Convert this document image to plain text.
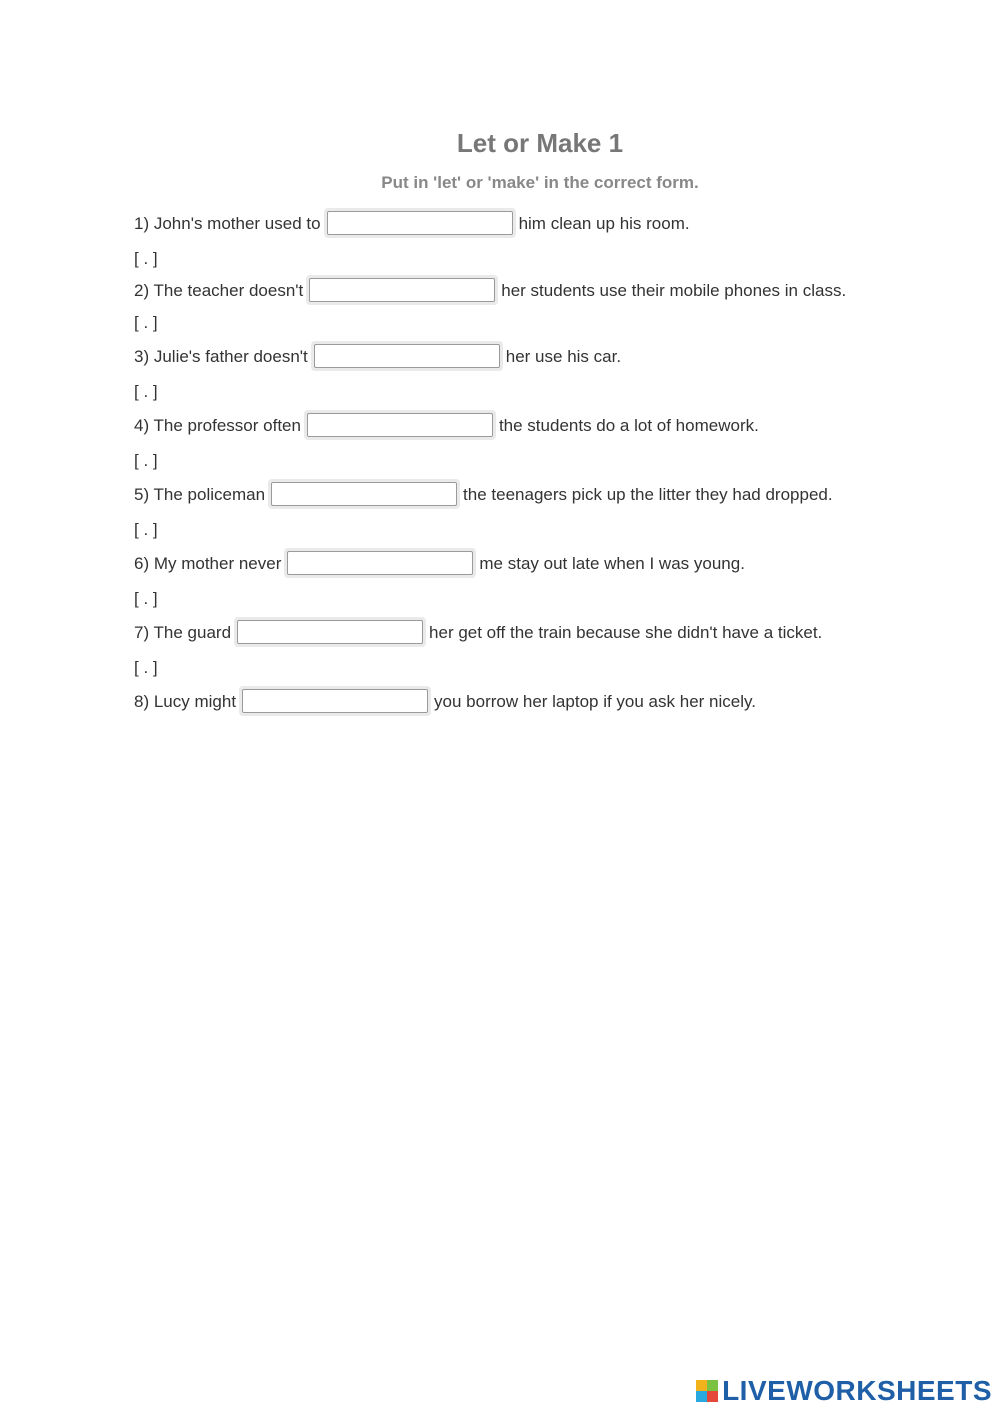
Let or Make 1
Put in 'let' or 'make' in the correct form.
1) John's mother used to	him clean up his room.
[ . ]
2) The teacher doesn't	her students use their mobile phones in class.
[ . ]
3) Julie's father doesn't	her use his car.
[ . ]
4) The professor often	the students do a lot of homework.
[ . ]
5) The policeman	the teenagers pick up the litter they had dropped.
[ . ]
6) My mother never	me stay out late when I was young.
[ . ]
7) The guard	her get off the train because she didn't have a ticket.
[ . ]
8) Lucy might	you borrow her laptop if you ask her nicely.
LIVEWORKSHEETS
